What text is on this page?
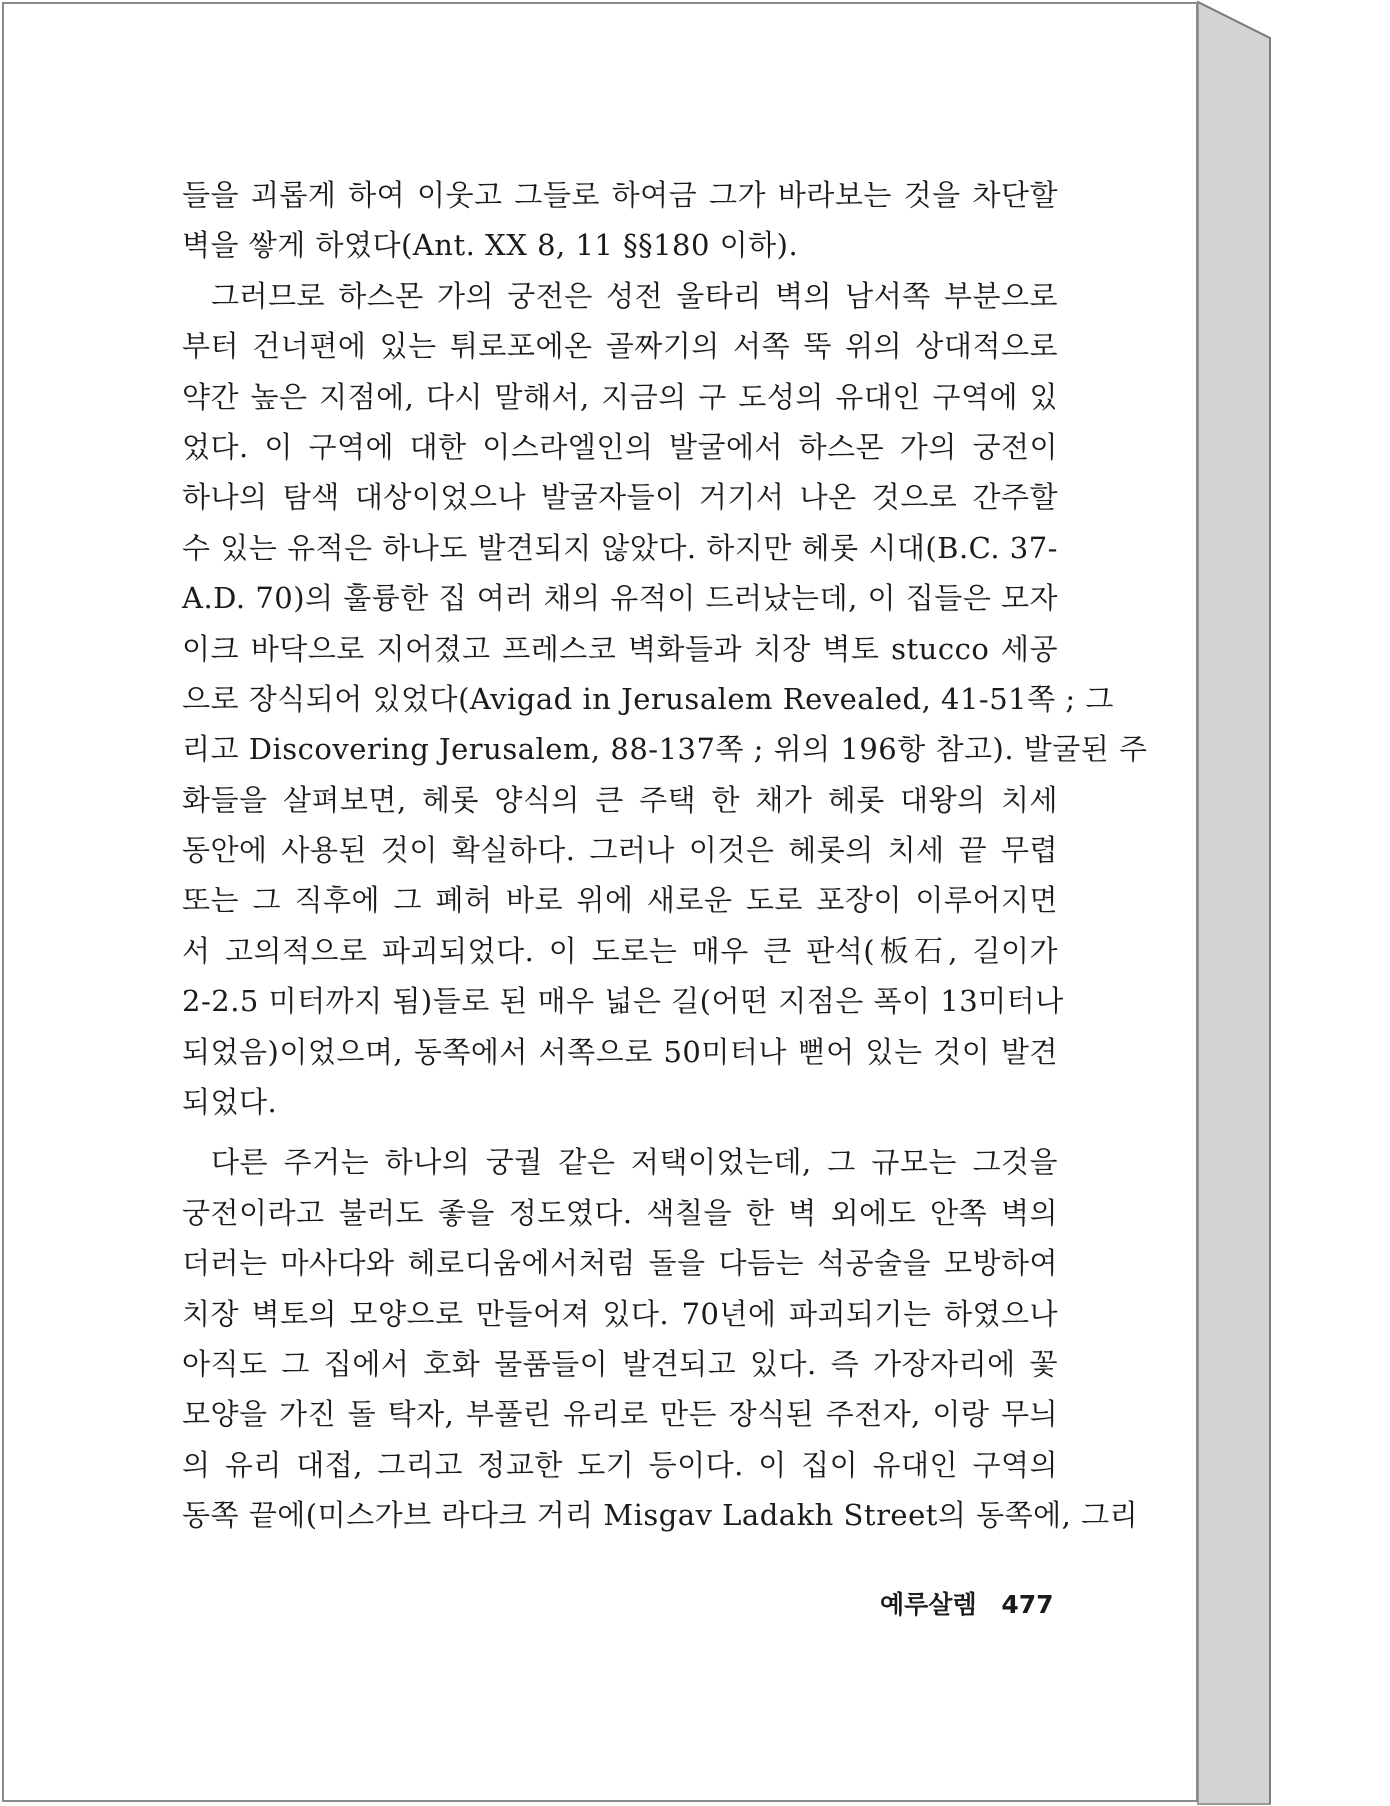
들을 괴롭게 하여 이웃고 그들로 하여금 그가 바라보는 것을 차단할
벽을 쌓게 하였다(Ant. XX 8, 11 §§180 이하).
그러므로 하스몬 가의 궁전은 성전 울타리 벽의 남서쪽 부분으로
부터 건너편에 있는 튀로포에온 골짜기의 서쪽 뚝 위의 상대적으로
약간 높은 지점에, 다시 말해서, 지금의 구 도성의 유대인 구역에 있
었다. 이 구역에 대한 이스라엘인의 발굴에서 하스몬 가의 궁전이
하나의 탐색 대상이었으나 발굴자들이 거기서 나온 것으로 간주할
수 있는 유적은 하나도 발견되지 않았다. 하지만 헤롯 시대(B.C. 37-
A.D. 70)의 훌륭한 집 여러 채의 유적이 드러났는데, 이 집들은 모자
이크 바닥으로 지어졌고 프레스코 벽화들과 치장 벽토 stucco 세공
으로 장식되어 있었다(Avigad in Jerusalem Revealed, 41-51쪽 ; 그
리고 Discovering Jerusalem, 88-137쪽 ; 위의 196항 참고). 발굴된 주
화들을 살펴보면, 헤롯 양식의 큰 주택 한 채가 헤롯 대왕의 치세
동안에 사용된 것이 확실하다. 그러나 이것은 헤롯의 치세 끝 무렵
또는 그 직후에 그 폐허 바로 위에 새로운 도로 포장이 이루어지면
서 고의적으로 파괴되었다. 이 도로는 매우 큰 판석(板石, 길이가
2-2.5 미터까지 됨)들로 된 매우 넓은 길(어떤 지점은 폭이 13미터나
되었음)이었으며, 동쪽에서 서쪽으로 50미터나 뻗어 있는 것이 발견
되었다.
다른 주거는 하나의 궁궐 같은 저택이었는데, 그 규모는 그것을
궁전이라고 불러도 좋을 정도였다. 색칠을 한 벽 외에도 안쪽 벽의
더러는 마사다와 헤로디움에서처럼 돌을 다듬는 석공술을 모방하여
치장 벽토의 모양으로 만들어져 있다. 70년에 파괴되기는 하였으나
아직도 그 집에서 호화 물품들이 발견되고 있다. 즉 가장자리에 꽃
모양을 가진 돌 탁자, 부풀린 유리로 만든 장식된 주전자, 이랑 무늬
의 유리 대접, 그리고 정교한 도기 등이다. 이 집이 유대인 구역의
동쪽 끝에(미스가브 라다크 거리 Misgav Ladakh Street의 동쪽에, 그리
예루살렘 477
